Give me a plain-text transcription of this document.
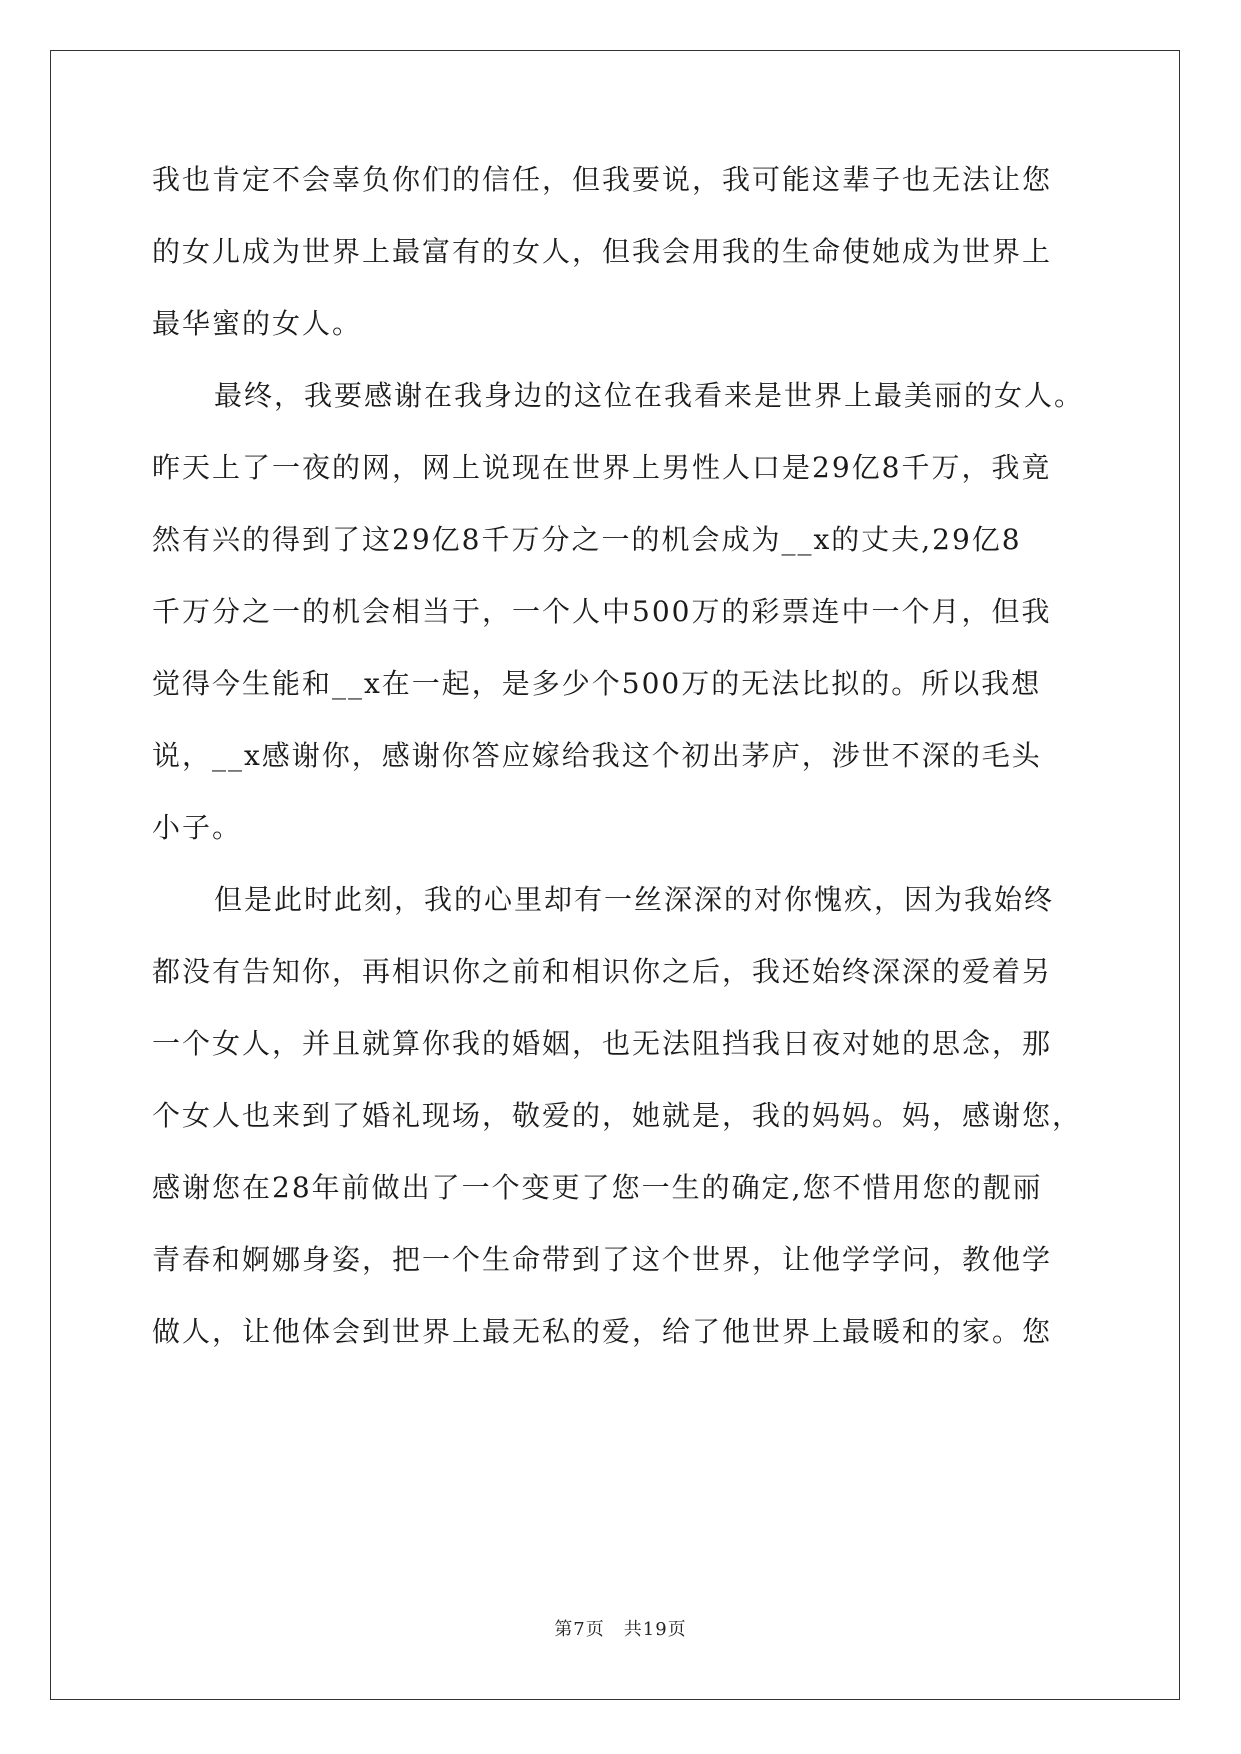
我也肯定不会辜负你们的信任，但我要说，我可能这辈子也无法让您
的女儿成为世界上最富有的女人，但我会用我的生命使她成为世界上
最华蜜的女人。
最终，我要感谢在我身边的这位在我看来是世界上最美丽的女人。
昨天上了一夜的网，网上说现在世界上男性人口是29亿8千万，我竟
然有兴的得到了这29亿8千万分之一的机会成为__x的丈夫,29亿8
千万分之一的机会相当于，一个人中500万的彩票连中一个月，但我
觉得今生能和__x在一起，是多少个500万的无法比拟的。所以我想
说，__x感谢你，感谢你答应嫁给我这个初出茅庐，涉世不深的毛头
小子。
但是此时此刻，我的心里却有一丝深深的对你愧疚，因为我始终
都没有告知你，再相识你之前和相识你之后，我还始终深深的爱着另
一个女人，并且就算你我的婚姻，也无法阻挡我日夜对她的思念，那
个女人也来到了婚礼现场，敬爱的，她就是，我的妈妈。妈，感谢您，
感谢您在28年前做出了一个变更了您一生的确定,您不惜用您的靓丽
青春和婀娜身姿，把一个生命带到了这个世界，让他学学问，教他学
做人，让他体会到世界上最无私的爱，给了他世界上最暖和的家。您
第7页　共19页
